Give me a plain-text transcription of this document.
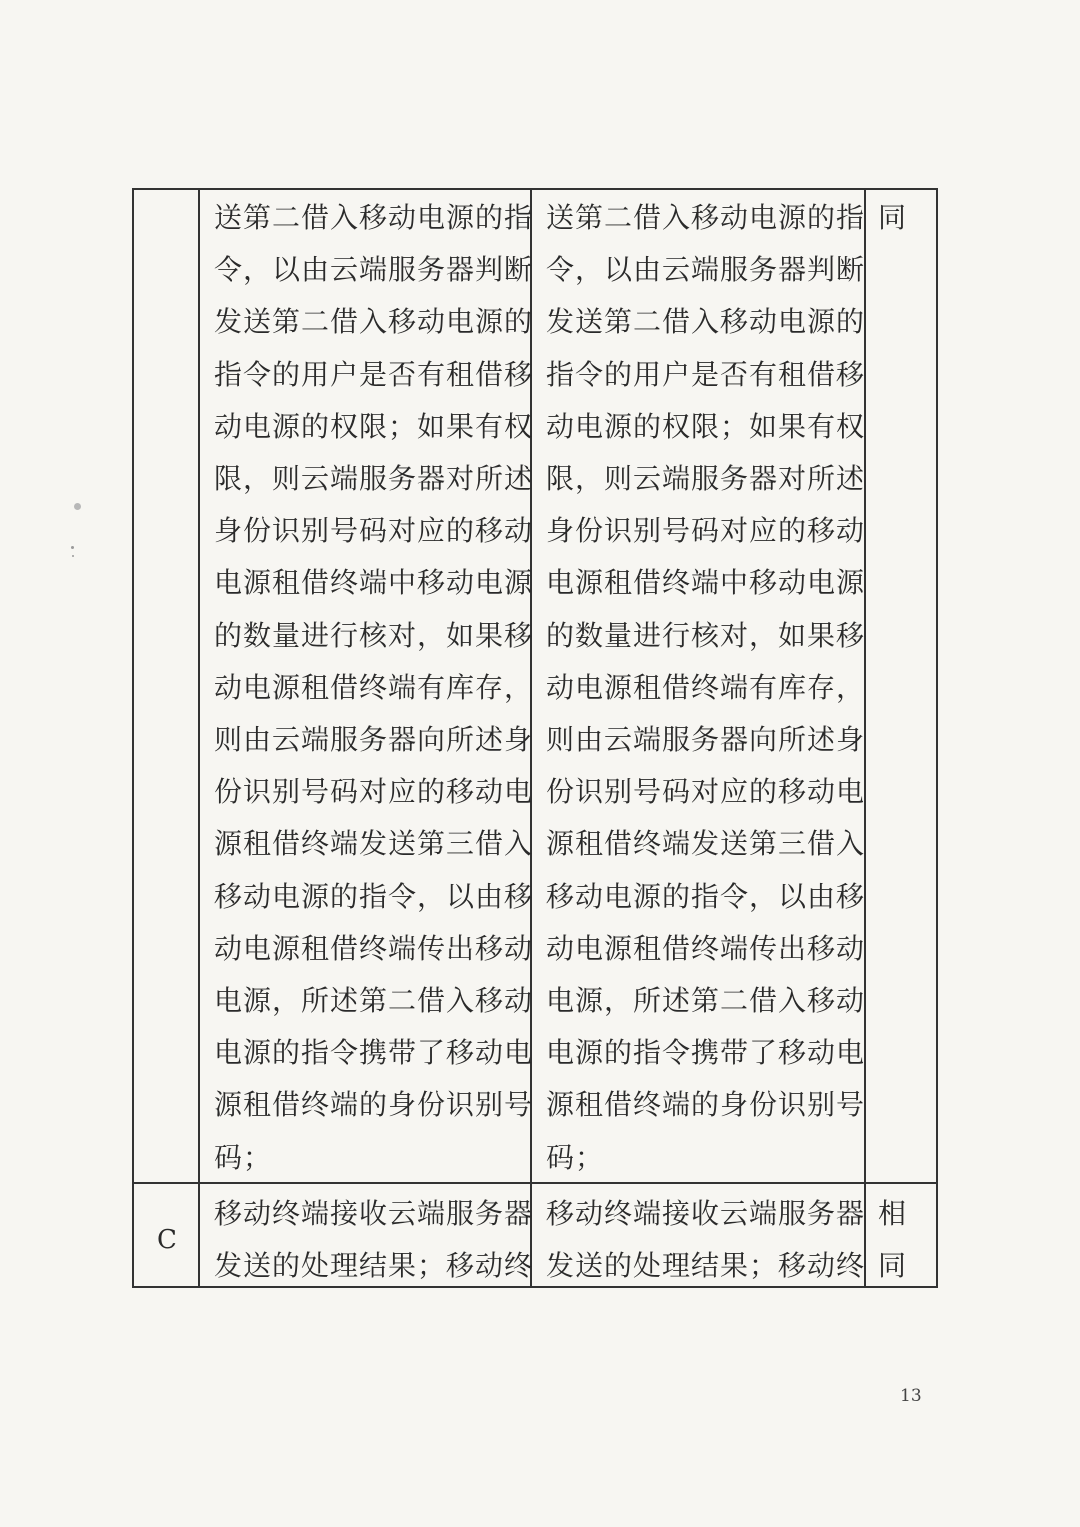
送第二借入移动电源的指
令，以由云端服务器判断
发送第二借入移动电源的
指令的用户是否有租借移
动电源的权限；如果有权
限，则云端服务器对所述
身份识别号码对应的移动
电源租借终端中移动电源
的数量进行核对，如果移
动电源租借终端有库存，
则由云端服务器向所述身
份识别号码对应的移动电
源租借终端发送第三借入
移动电源的指令，以由移
动电源租借终端传出移动
电源，所述第二借入移动
电源的指令携带了移动电
源租借终端的身份识别号
码；
送第二借入移动电源的指
令，以由云端服务器判断
发送第二借入移动电源的
指令的用户是否有租借移
动电源的权限；如果有权
限，则云端服务器对所述
身份识别号码对应的移动
电源租借终端中移动电源
的数量进行核对，如果移
动电源租借终端有库存，
则由云端服务器向所述身
份识别号码对应的移动电
源租借终端发送第三借入
移动电源的指令，以由移
动电源租借终端传出移动
电源，所述第二借入移动
电源的指令携带了移动电
源租借终端的身份识别号
码；
同
C
移动终端接收云端服务器
发送的处理结果；移动终
移动终端接收云端服务器
发送的处理结果；移动终
相
同
13
